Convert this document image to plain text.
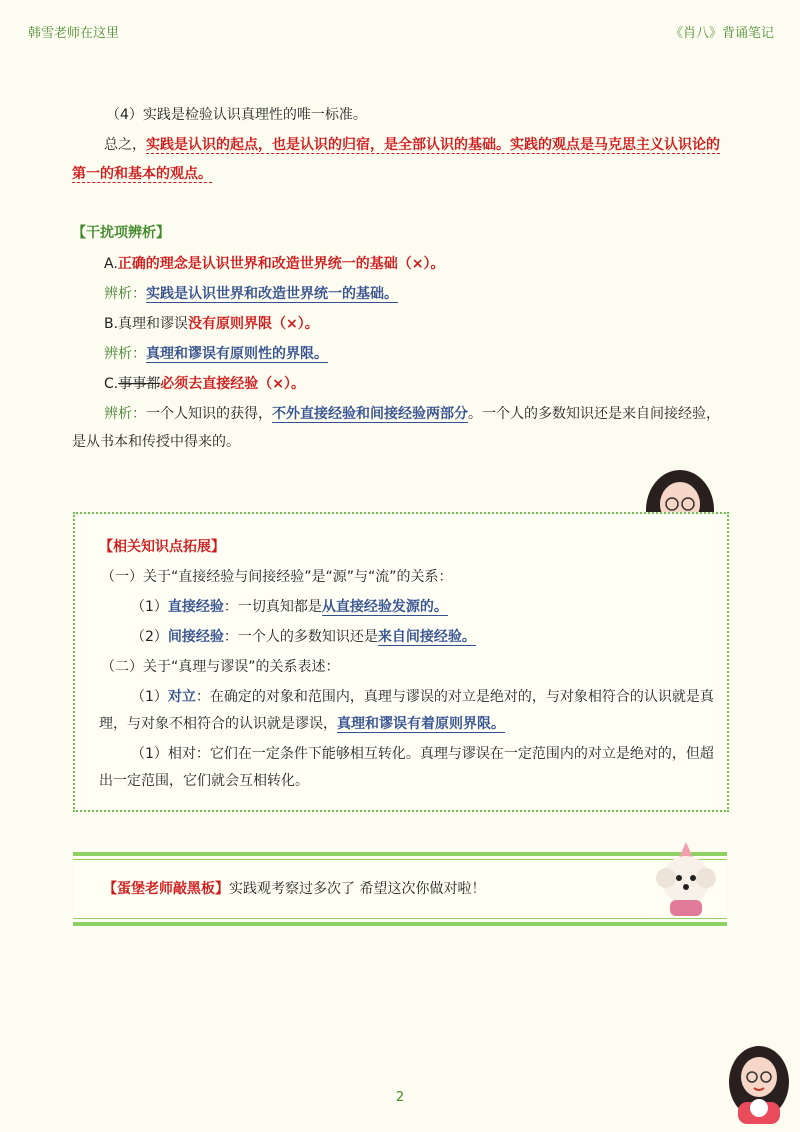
韩雪老师在这里	《肖八》背诵笔记
（4）实践是检验认识真理性的唯一标准。
总之，实践是认识的起点，也是认识的归宿，是全部认识的基础。实践的观点是马克思主义认识论的
第一的和基本的观点。
【干扰项辨析】
A.正确的理念是认识世界和改造世界统一的基础（×）。
辨析：实践是认识世界和改造世界统一的基础。
B.真理和谬误没有原则界限（×）。
辨析：真理和谬误有原则性的界限。
C.事事都必须去直接经验（×）。
辨析：一个人知识的获得，不外直接经验和间接经验两部分。一个人的多数知识还是来自间接经验，
是从书本和传授中得来的。
【相关知识点拓展】
（一）关于“直接经验与间接经验”是“源”与“流”的关系：
（1）直接经验：一切真知都是从直接经验发源的。
（2）间接经验：一个人的多数知识还是来自间接经验。
（二）关于“真理与谬误”的关系表述：
（1）对立：在确定的对象和范围内，真理与谬误的对立是绝对的，与对象相符合的认识就是真
理，与对象不相符合的认识就是谬误，真理和谬误有着原则界限。
（1）相对：它们在一定条件下能够相互转化。真理与谬误在一定范围内的对立是绝对的，但超
出一定范围，它们就会互相转化。
【蛋堡老师敲黑板】实践观考察过多次了 希望这次你做对啦！
2
